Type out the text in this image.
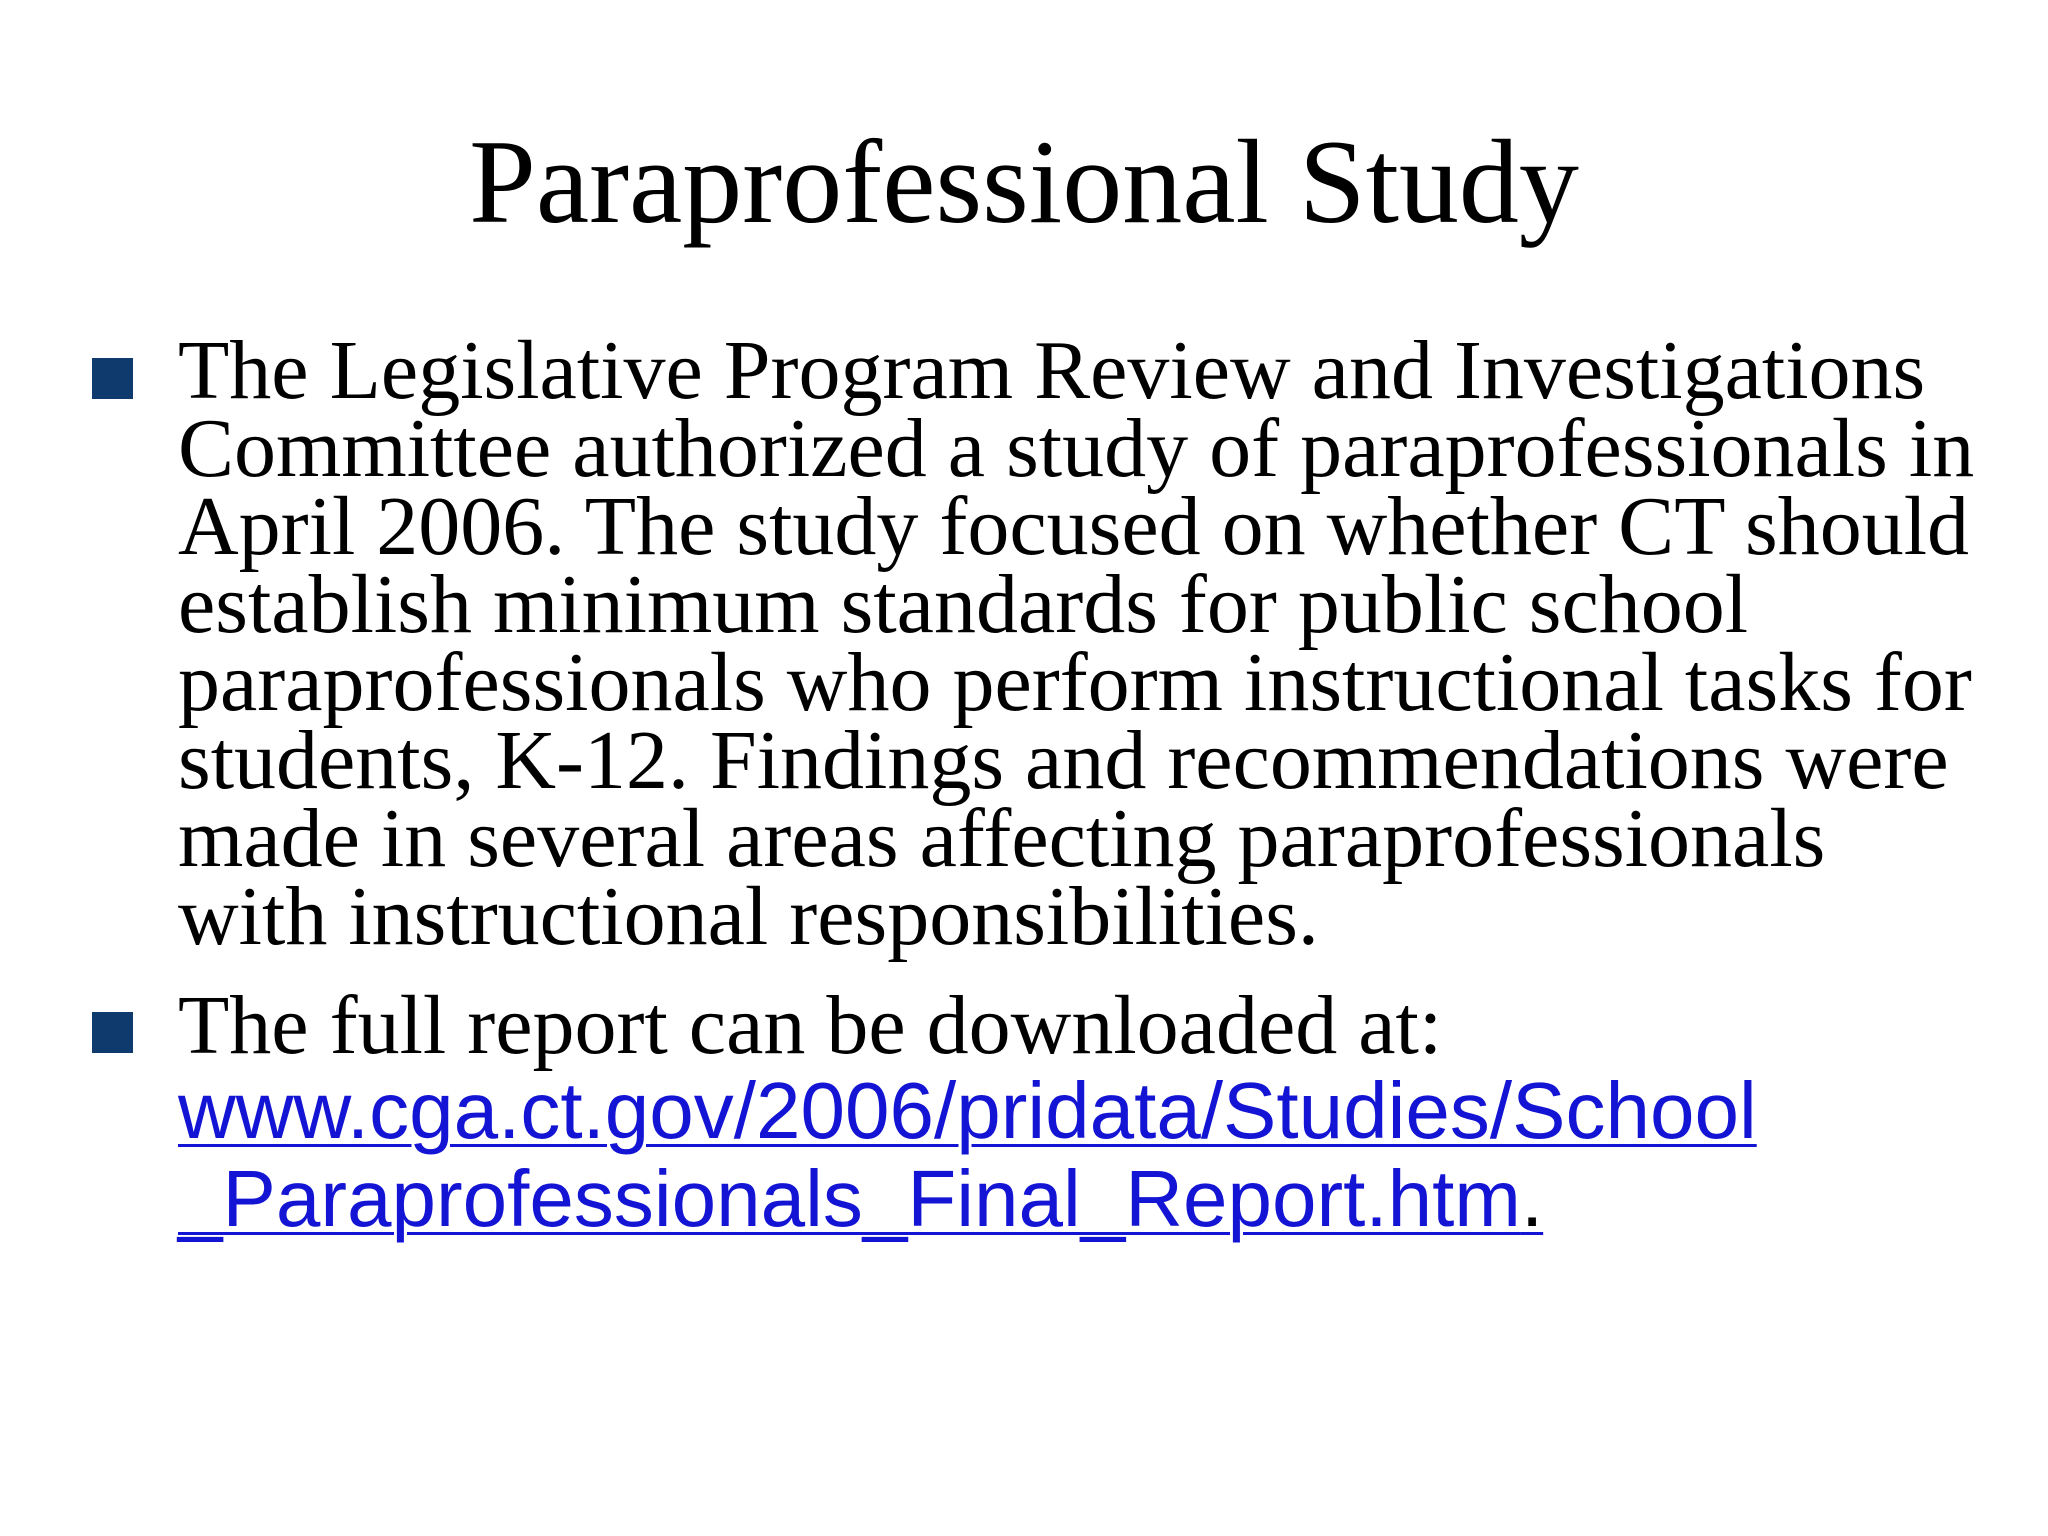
Paraprofessional Study
The Legislative Program Review and Investigations Committee authorized a study of paraprofessionals in April 2006. The study focused on whether CT should establish minimum standards for public school paraprofessionals who perform instructional tasks for students, K-12. Findings and recommendations were made in several areas affecting paraprofessionals with instructional responsibilities.
The full report can be downloaded at:
www.cga.ct.gov/2006/pridata/Studies/School
_Paraprofessionals_Final_Report.htm.
